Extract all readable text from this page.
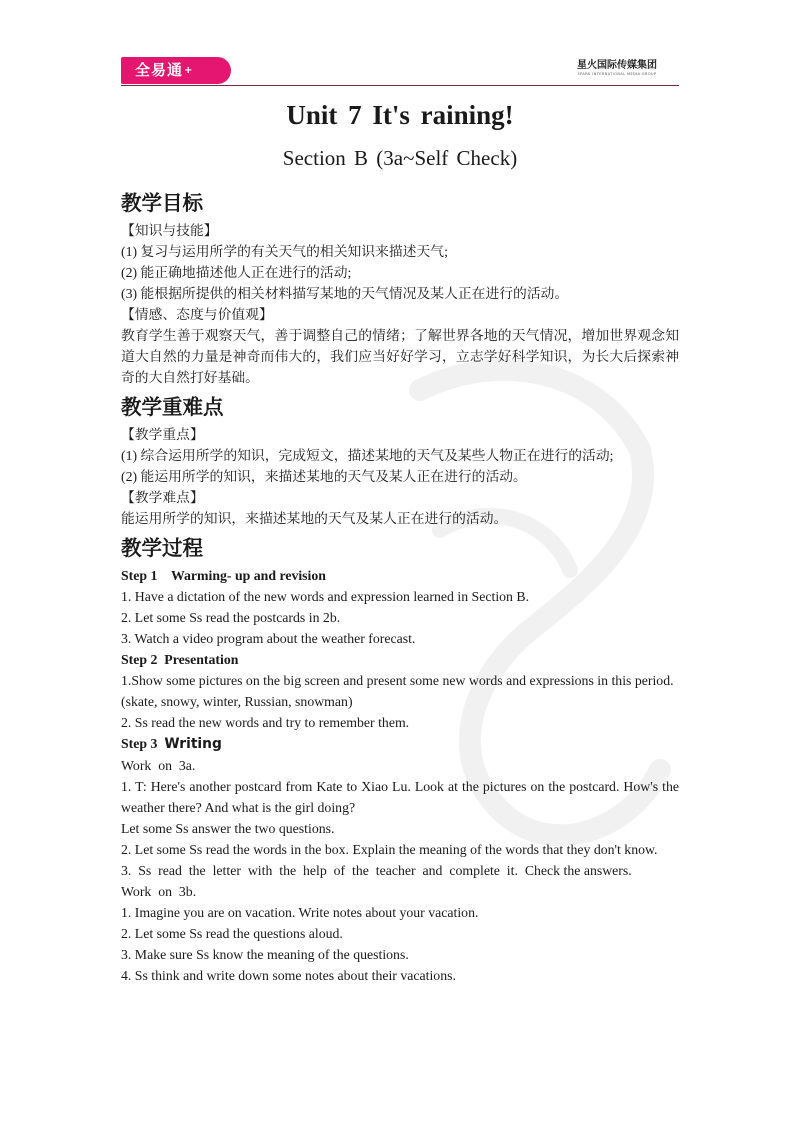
全易通+	星火国际传媒集团
SPARK INTERNATIONAL MEDIA GROUP
Unit 7 It's raining!
Section B (3a~Self Check)

教学目标

【知识与技能】

(1) 复习与运用所学的有关天气的相关知识来描述天气;

(2) 能正确地描述他人正在进行的活动;

(3) 能根据所提供的相关材料描写某地的天气情况及某人正在进行的活动。

【情感、态度与价值观】

教育学生善于观察天气，善于调整自己的情绪；了解世界各地的天气情况，增加世界观念知道大自然的力量是神奇而伟大的，我们应当好好学习，立志学好科学知识，为长大后探索神奇的大自然打好基础。

教学重难点

【教学重点】

(1) 综合运用所学的知识，完成短文，描述某地的天气及某些人物正在进行的活动;

(2) 能运用所学的知识，来描述某地的天气及某人正在进行的活动。

【教学难点】

能运用所学的知识，来描述某地的天气及某人正在进行的活动。

教学过程

Step 1    Warming- up and revision

1. Have a dictation of the new words and expression learned in Section B.

2. Let some Ss read the postcards in 2b.

3. Watch a video program about the weather forecast.

Step 2  Presentation

1.Show some pictures on the big screen and present some new words and expressions in this period.

(skate, snowy, winter, Russian, snowman)

2. Ss read the new words and try to remember them.

Step 3  Writing

Work  on  3a.

1. T: Here's another postcard from Kate to Xiao Lu. Look at the pictures on the postcard. How's the weather there? And what is the girl doing?

Let some Ss answer the two questions.

2. Let some Ss read the words in the box. Explain the meaning of the words that they don't know.

3.  Ss  read  the  letter  with  the  help  of  the  teacher  and  complete  it.  Check the answers.

Work  on  3b.

1. Imagine you are on vacation. Write notes about your vacation.

2. Let some Ss read the questions aloud.

3. Make sure Ss know the meaning of the questions.

4. Ss think and write down some notes about their vacations.
